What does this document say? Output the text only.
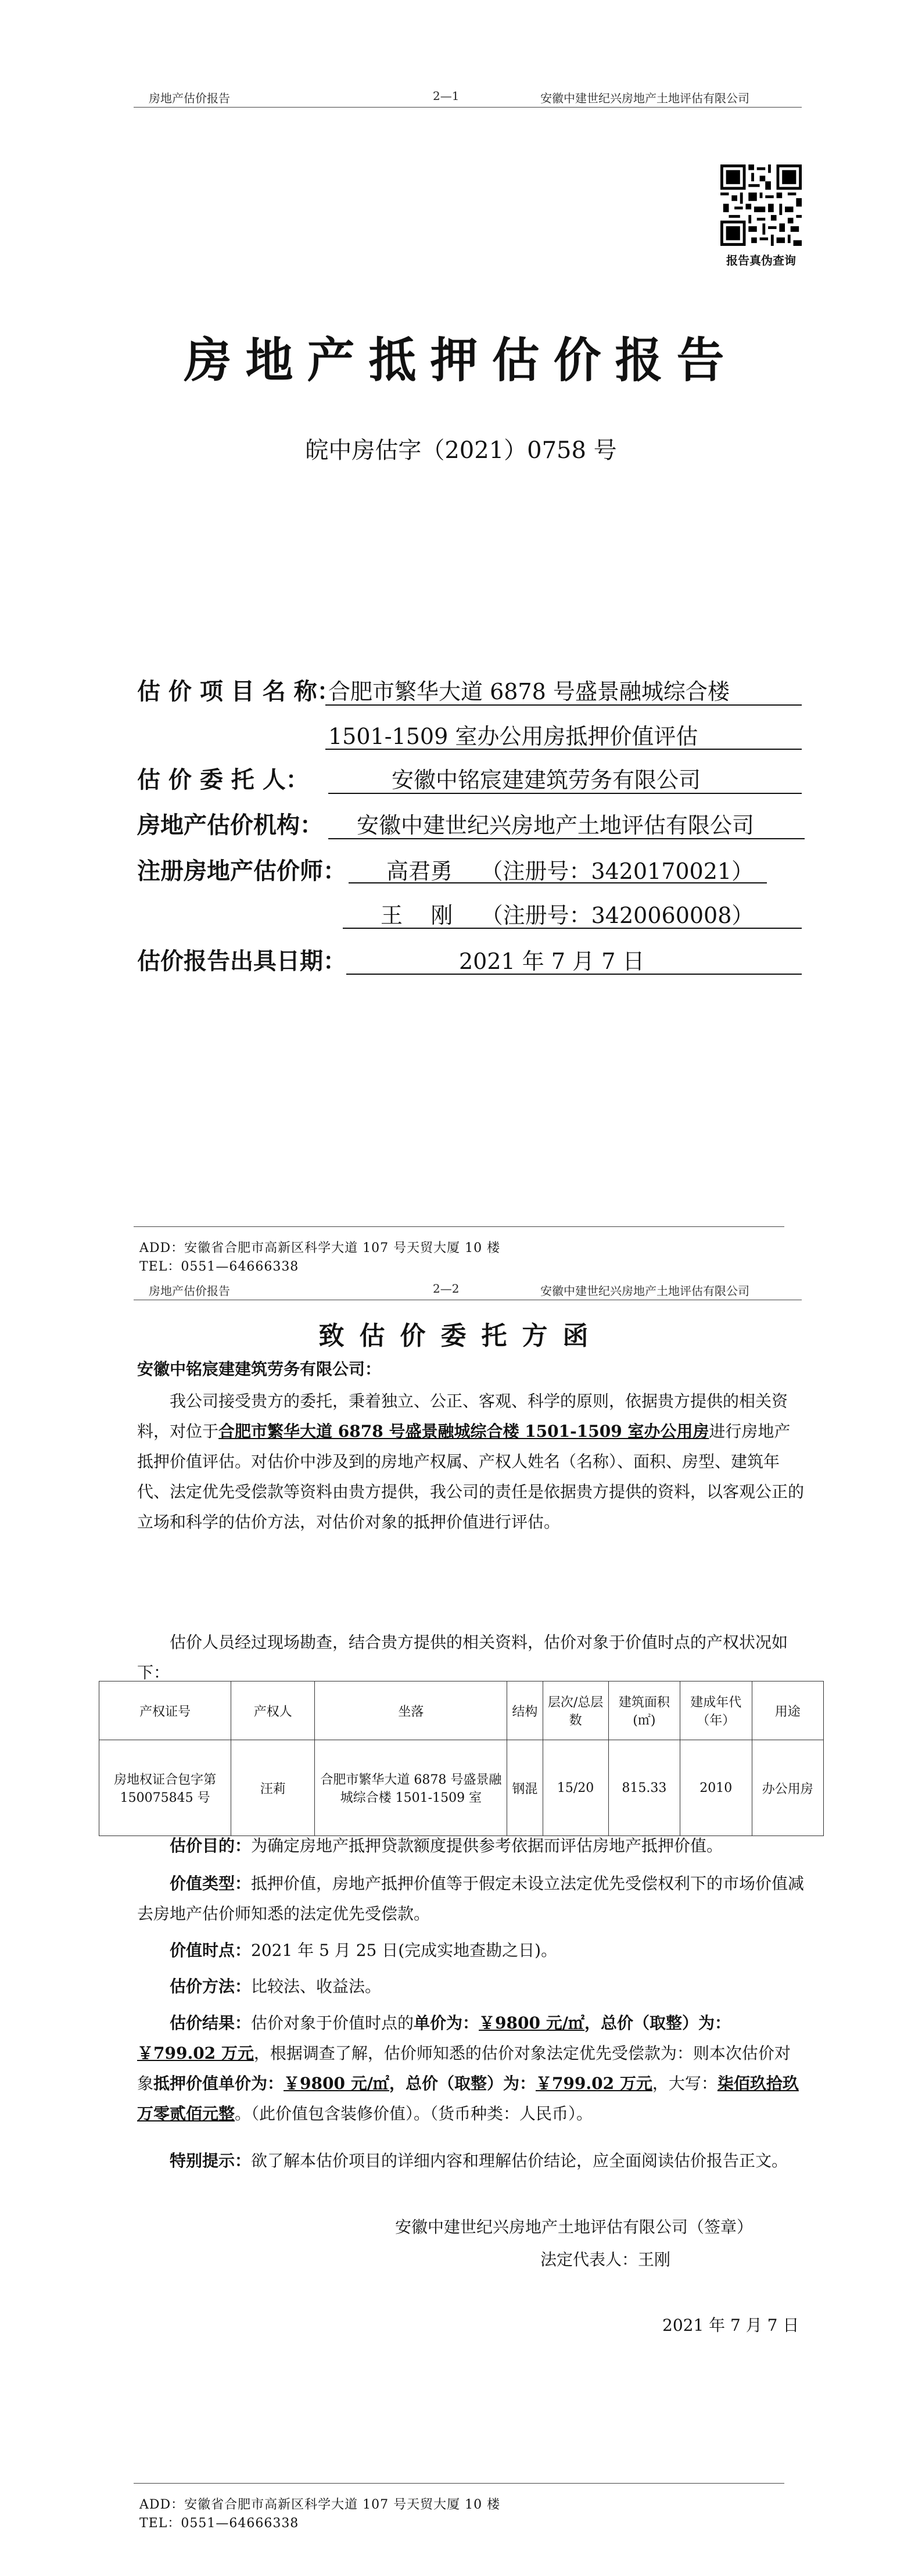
房地产估价报告	2—1	安徽中建世纪兴房地产土地评估有限公司
报告真伪查询
房地产抵押估价报告
皖中房估字（2021）0758 号
估 价 项 目 名 称：
合肥市繁华大道 6878 号盛景融城综合楼
1501-1509 室办公用房抵押价值评估
估 价 委 托 人：	安徽中铭宸建建筑劳务有限公司
房地产估价机构： 安徽中建世纪兴房地产土地评估有限公司
注册房地产估价师： 高君勇    （注册号：3420170021）
王    刚    （注册号：3420060008）
估价报告出具日期：	2021 年 7 月 7 日
ADD：安徽省合肥市高新区科学大道 107 号天贸大厦 10 楼
TEL：0551—64666338
房地产估价报告	2—2	安徽中建世纪兴房地产土地评估有限公司
致估价委托方函
安徽中铭宸建建筑劳务有限公司：
我公司接受贵方的委托，秉着独立、公正、客观、科学的原则，依据贵方提供的相关资料，对位于合肥市繁华大道 6878 号盛景融城综合楼 1501-1509 室办公用房进行房地产抵押价值评估。对估价中涉及到的房地产权属、产权人姓名（名称）、面积、房型、建筑年代、法定优先受偿款等资料由贵方提供，我公司的责任是依据贵方提供的资料，以客观公正的立场和科学的估价方法，对估价对象的抵押价值进行评估。
估价人员经过现场勘查，结合贵方提供的相关资料，估价对象于价值时点的产权状况如下：
产权证号	产权人	坐落	结构	层次/总层数	建筑面积(㎡)	建成年代（年）	用途
房地权证合包字第150075845 号	汪莉	合肥市繁华大道 6878 号盛景融城综合楼 1501-1509 室	钢混	15/20	815.33	2010	办公用房
估价目的：为确定房地产抵押贷款额度提供参考依据而评估房地产抵押价值。
价值类型：抵押价值，房地产抵押价值等于假定未设立法定优先受偿权利下的市场价值减去房地产估价师知悉的法定优先受偿款。
价值时点：2021 年 5 月 25 日(完成实地查勘之日)。
估价方法：比较法、收益法。
估价结果：估价对象于价值时点的单价为：￥9800 元/㎡，总价（取整）为：￥799.02 万元，根据调查了解，估价师知悉的估价对象法定优先受偿款为：则本次估价对象抵押价值单价为：￥9800 元/㎡，总价（取整）为：￥799.02 万元，大写：柒佰玖拾玖万零贰佰元整。（此价值包含装修价值）。（货币种类：人民币）。
特别提示：欲了解本估价项目的详细内容和理解估价结论，应全面阅读估价报告正文。
安徽中建世纪兴房地产土地评估有限公司（签章）
法定代表人：王刚
2021 年 7 月 7 日
ADD：安徽省合肥市高新区科学大道 107 号天贸大厦 10 楼
TEL：0551—64666338
